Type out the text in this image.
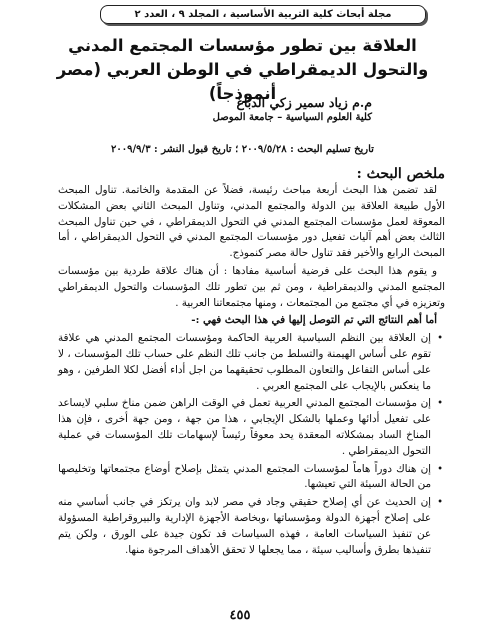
مجلة أبحاث كلية التربية الأساسية ، المجلد ٩ ، العدد ٢
العلاقة بين تطور مؤسسات المجتمع المدني والتحول الديمقراطي في الوطن العربي (مصر أنموذجاً)
م.م زياد سمير زكي الدباغ
كلية العلوم السياسية – جامعة الموصل
تاريخ تسليم البحث : ٢٠٠٩/٥/٢٨ ؛ تاريخ قبول النشر : ٢٠٠٩/٩/٣
ملخص البحث :

لقد تضمن هذا البحث أربعة مباحث رئيسة، فضلاً عن المقدمة والخاتمة. تناول المبحث الأول طبيعة العلاقة بين الدولة والمجتمع المدني، وتناول المبحث الثاني بعض المشكلات المعوقة لعمل مؤسسات المجتمع المدني في التحول الديمقراطي ، في حين تناول المبحث الثالث بعض أهم آليات تفعيل دور مؤسسات المجتمع المدني في التحول الديمقراطي ، أما المبحث الرابع والأخير فقد تناول حالة مصر كنموذج.

و يقوم هذا البحث على فرضية أساسية مفادها : أن هناك علاقة طردية بين مؤسسات المجتمع المدني والديمقراطية ، ومن ثم بين تطور تلك المؤسسات والتحول الديمقراطي وتعزيزه في أي مجتمع من المجتمعات ، ومنها مجتمعاتنا العربية .

أما أهم النتائج التي تم التوصل إليها في هذا البحث فهي :-

•
إن العلاقة بين النظم السياسية العربية الحاكمة ومؤسسات المجتمع المدني هي علاقة تقوم على أساس الهيمنة والتسلط من جانب تلك النظم على حساب تلك المؤسسات ، لا على أساس التفاعل والتعاون المطلوب تحقيقهما من اجل أداء أفضل لكلا الطرفين ، وهو ما ينعكس بالإيجاب على المجتمع العربي .
•
إن مؤسسات المجتمع المدني العربية تعمل في الوقت الراهن ضمن مناخ سلبي لايساعد على تفعيل أدائها وعملها بالشكل الإيجابي ، هذا من جهة ، ومن جهة أخرى ، فإن هذا المناخ الساد بمشكلاته المعقدة يحد معوقاً رئيساً لإسهامات تلك المؤسسات في عملية التحول الديمقراطي .
•
إن هناك دوراً هاماً لمؤسسات المجتمع المدني يتمثل بإصلاح أوضاع مجتمعاتها وتخليصها من الحالة السيئة التي تعيشها.
•
إن الحديث عن أي إصلاح حقيقي وجاد في مصر لابد وان يرتكز في جانب أساسي منه على إصلاح أجهزة الدولة ومؤسساتها ،وبخاصة الأجهزة الإدارية والبيروقراطية المسؤولة عن تنفيذ السياسات العامة ، فهذه السياسات قد تكون جيدة على الورق ، ولكن يتم تنفيذها بطرق وأساليب سيئة ، مما يجعلها لا تحقق الأهداف المرجوة منها.
٤٥٥
